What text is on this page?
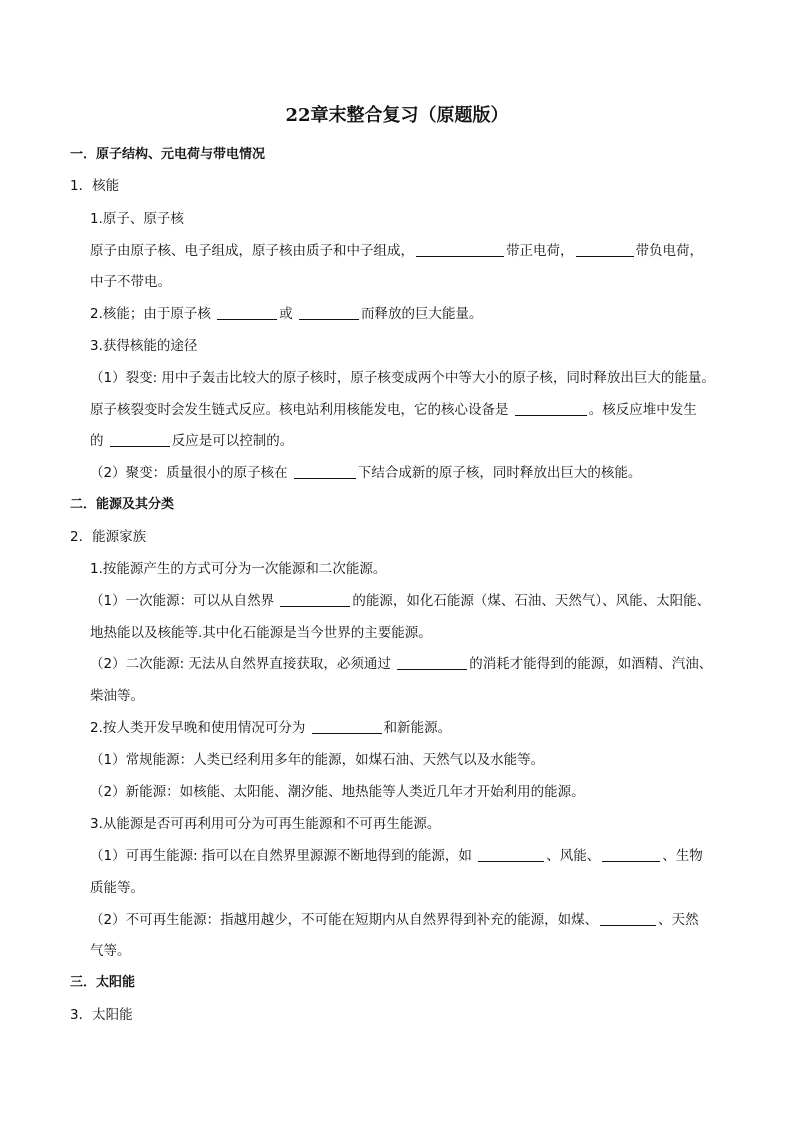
22章末整合复习（原题版）
一．原子结构、元电荷与带电情况
1．核能
1.原子、原子核
原子由原子核、电子组成，原子核由质子和中子组成，	带正电荷，	带负电荷，
中子不带电。
2.核能；由于原子核	或	而释放的巨大能量。
3.获得核能的途径
（1）裂变: 用中子轰击比较大的原子核时，原子核变成两个中等大小的原子核，同时释放出巨大的能量。
原子核裂变时会发生链式反应。核电站利用核能发电，它的核心设备是	。核反应堆中发生
的	反应是可以控制的。
（2）聚变：质量很小的原子核在	下结合成新的原子核，同时释放出巨大的核能。
二．能源及其分类
2．能源家族
1.按能源产生的方式可分为一次能源和二次能源。
（1）一次能源：可以从自然界	的能源，如化石能源（煤、石油、天然气）、风能、太阳能、
地热能以及核能等.其中化石能源是当今世界的主要能源。
（2）二次能源: 无法从自然界直接获取，必须通过	的消耗才能得到的能源，如酒精、汽油、
柴油等。
2.按人类开发早晚和使用情况可分为	和新能源。
（1）常规能源：人类已经利用多年的能源，如煤石油、天然气以及水能等。
（2）新能源：如核能、太阳能、潮汐能、地热能等人类近几年才开始利用的能源。
3.从能源是否可再利用可分为可再生能源和不可再生能源。
（1）可再生能源: 指可以在自然界里源源不断地得到的能源，如	、风能、	、生物
质能等。
（2）不可再生能源：指越用越少，不可能在短期内从自然界得到补充的能源，如煤、	、天然
气等。
三．太阳能
3．太阳能
